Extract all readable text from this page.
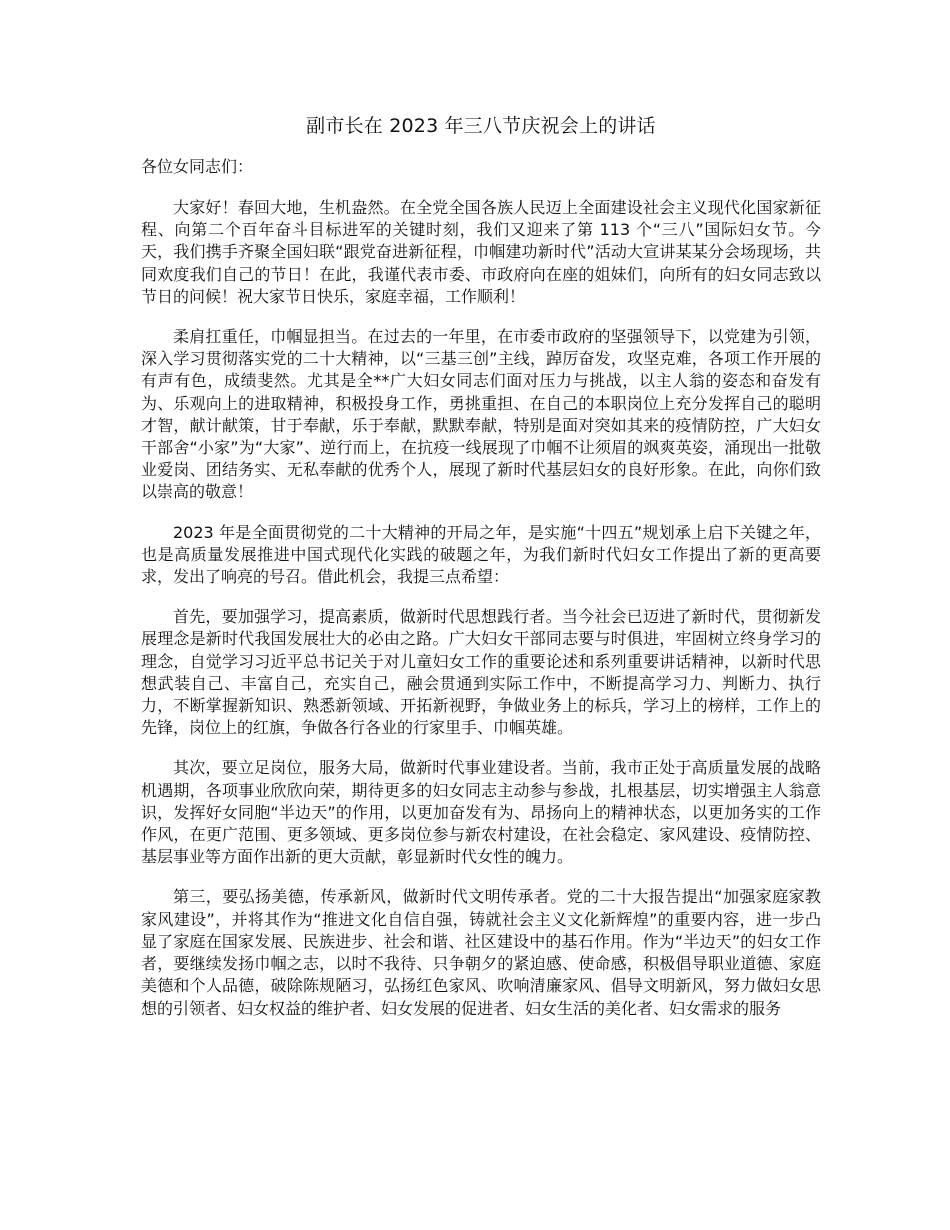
副市长在 2023 年三八节庆祝会上的讲话
各位女同志们：

大家好！春回大地，生机盎然。在全党全国各族人民迈上全面建设社会主义现代化国家新征程、向第二个百年奋斗目标进军的关键时刻，我们又迎来了第 113 个“三八”国际妇女节。今天，我们携手齐聚全国妇联“跟党奋进新征程，巾帼建功新时代”活动大宣讲某某分会场现场，共同欢度我们自己的节日！在此，我谨代表市委、市政府向在座的姐妹们，向所有的妇女同志致以节日的问候！祝大家节日快乐，家庭幸福，工作顺利！

柔肩扛重任，巾帼显担当。在过去的一年里，在市委市政府的坚强领导下，以党建为引领，深入学习贯彻落实党的二十大精神，以“三基三创”主线，踔厉奋发，攻坚克难，各项工作开展的有声有色，成绩斐然。尤其是全**广大妇女同志们面对压力与挑战，以主人翁的姿态和奋发有为、乐观向上的进取精神，积极投身工作，勇挑重担、在自己的本职岗位上充分发挥自己的聪明才智，献计献策，甘于奉献，乐于奉献，默默奉献，特别是面对突如其来的疫情防控，广大妇女干部舍“小家”为“大家”、逆行而上，在抗疫一线展现了巾帼不让须眉的飒爽英姿，涌现出一批敬业爱岗、团结务实、无私奉献的优秀个人，展现了新时代基层妇女的良好形象。在此，向你们致以崇高的敬意！

2023 年是全面贯彻党的二十大精神的开局之年，是实施“十四五”规划承上启下关键之年，也是高质量发展推进中国式现代化实践的破题之年，为我们新时代妇女工作提出了新的更高要求，发出了响亮的号召。借此机会，我提三点希望：

首先，要加强学习，提高素质，做新时代思想践行者。当今社会已迈进了新时代，贯彻新发展理念是新时代我国发展壮大的必由之路。广大妇女干部同志要与时俱进，牢固树立终身学习的理念，自觉学习习近平总书记关于对儿童妇女工作的重要论述和系列重要讲话精神，以新时代思想武装自己、丰富自己，充实自己，融会贯通到实际工作中，不断提高学习力、判断力、执行力，不断掌握新知识、熟悉新领域、开拓新视野，争做业务上的标兵，学习上的榜样，工作上的先锋，岗位上的红旗，争做各行各业的行家里手、巾帼英雄。

其次，要立足岗位，服务大局，做新时代事业建设者。当前，我市正处于高质量发展的战略机遇期，各项事业欣欣向荣，期待更多的妇女同志主动参与参战，扎根基层，切实增强主人翁意识，发挥好女同胞“半边天”的作用，以更加奋发有为、昂扬向上的精神状态，以更加务实的工作作风，在更广范围、更多领域、更多岗位参与新农村建设，在社会稳定、家风建设、疫情防控、基层事业等方面作出新的更大贡献，彰显新时代女性的魄力。

第三，要弘扬美德，传承新风，做新时代文明传承者。党的二十大报告提出“加强家庭家教家风建设”，并将其作为“推进文化自信自强，铸就社会主义文化新辉煌”的重要内容，进一步凸显了家庭在国家发展、民族进步、社会和谐、社区建设中的基石作用。作为“半边天”的妇女工作者，要继续发扬巾帼之志，以时不我待、只争朝夕的紧迫感、使命感，积极倡导职业道德、家庭美德和个人品德，破除陈规陋习，弘扬红色家风、吹响清廉家风、倡导文明新风，努力做妇女思想的引领者、妇女权益的维护者、妇女发展的促进者、妇女生活的美化者、妇女需求的服务
